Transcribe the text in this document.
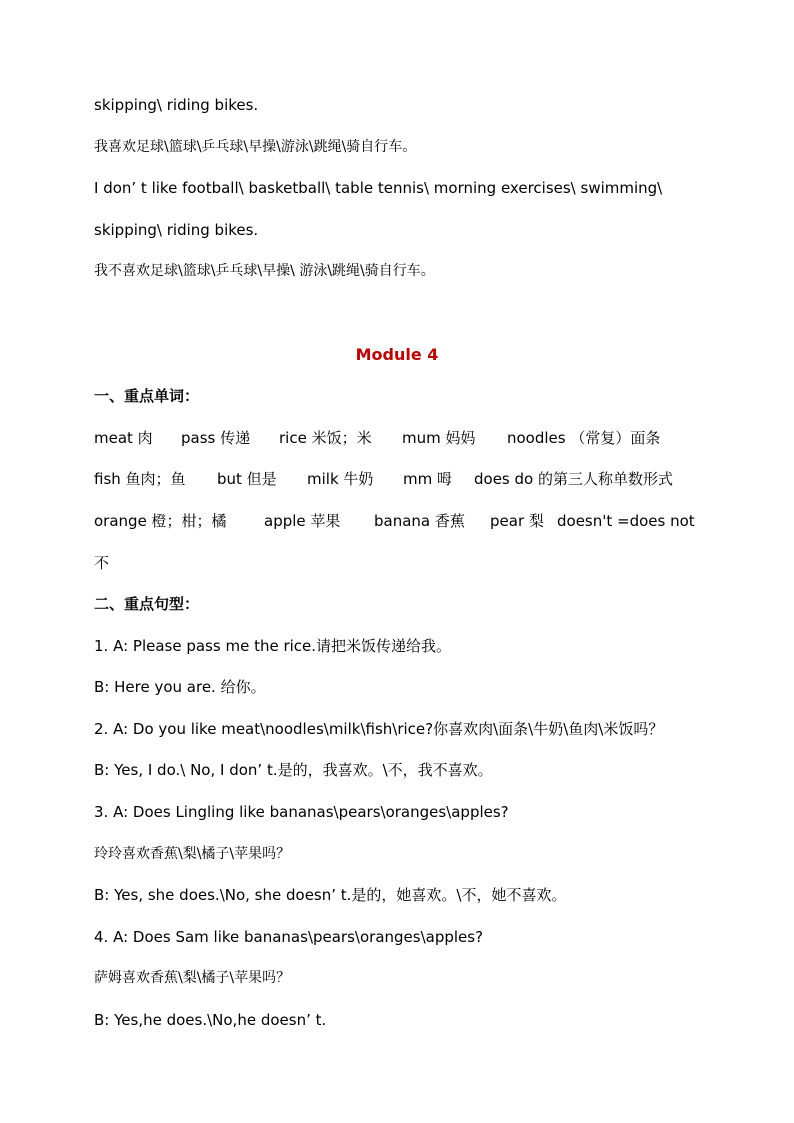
skipping\ riding bikes.
我喜欢足球\篮球\乒乓球\早操\游泳\跳绳\骑自行车。
I don’ t like football\ basketball\ table tennis\ morning exercises\ swimming\
skipping\ riding bikes.
我不喜欢足球\篮球\乒乓球\早操\ 游泳\跳绳\骑自行车。
Module 4
一、重点单词：
meat 肉 pass 传递 rice 米饭；米 mum 妈妈 noodles （常复）面条
fish 鱼肉；鱼 but 但是 milk 牛奶 mm 呣 does do 的第三人称单数形式
orange 橙；柑；橘 apple 苹果 banana 香蕉 pear 梨 doesn't =does not
不
二、重点句型：
1. A: Please pass me the rice.请把米饭传递给我。
B: Here you are. 给你。
2. A: Do you like meat\noodles\milk\fish\rice?你喜欢肉\面条\牛奶\鱼肉\米饭吗？
B: Yes, I do.\ No, I don’ t.是的，我喜欢。\不，我不喜欢。
3. A: Does Lingling like bananas\pears\oranges\apples?
玲玲喜欢香蕉\梨\橘子\苹果吗？
B: Yes, she does.\No, she doesn’ t.是的，她喜欢。\不，她不喜欢。
4. A: Does Sam like bananas\pears\oranges\apples?
萨姆喜欢香蕉\梨\橘子\苹果吗？
B: Yes,he does.\No,he doesn’ t.
